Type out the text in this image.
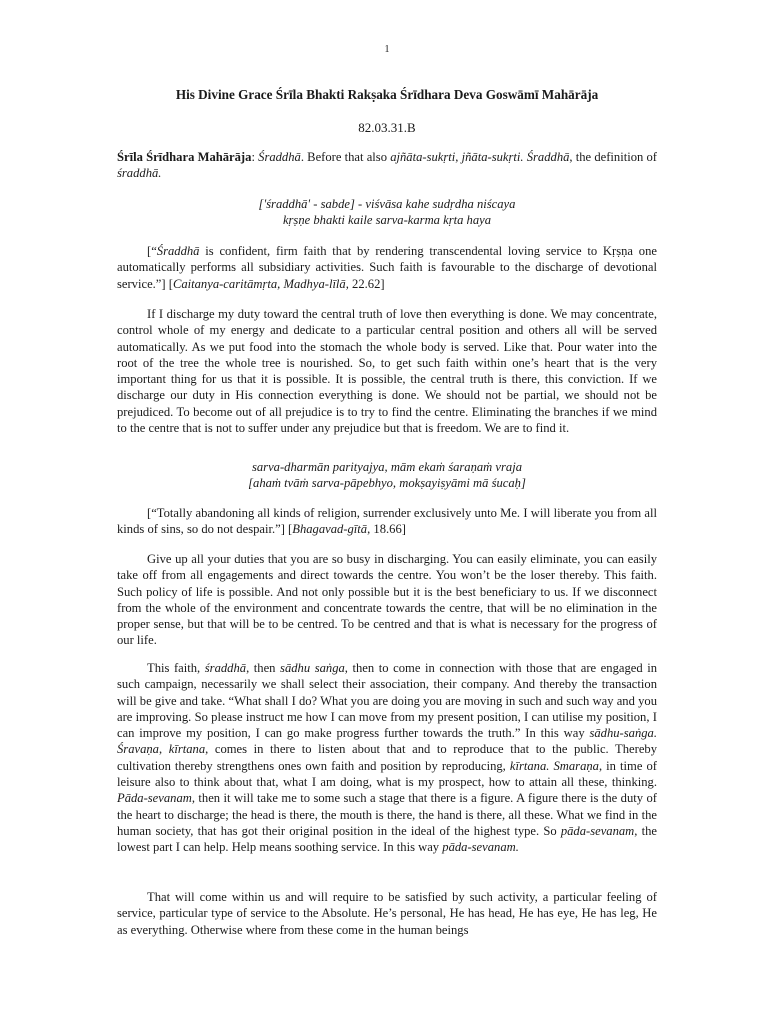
1
His Divine Grace Śrīla Bhakti Rakṣaka Śrīdhara Deva Goswāmī Mahārāja
82.03.31.B

Śrīla Śrīdhara Mahārāja: Śraddhā. Before that also ajñāta-sukṛti, jñāta-sukṛti. Śraddhā, the definition of śraddhā.

['śraddhā' - sabde] - viśvāsa kahe sudṛdha niścaya
kṛṣṇe bhakti kaile sarva-karma kṛta haya

[“Śraddhā is confident, firm faith that by rendering transcendental loving service to Kṛṣṇa one automatically performs all subsidiary activities. Such faith is favourable to the discharge of devotional service.”] [Caitanya-caritāmṛta, Madhya-līlā, 22.62]

If I discharge my duty toward the central truth of love then everything is done. We may concentrate, control whole of my energy and dedicate to a particular central position and others all will be served automatically. As we put food into the stomach the whole body is served. Like that. Pour water into the root of the tree the whole tree is nourished. So, to get such faith within one’s heart that is the very important thing for us that it is possible. It is possible, the central truth is there, this conviction. If we discharge our duty in His connection everything is done. We should not be partial, we should not be prejudiced. To become out of all prejudice is to try to find the centre. Eliminating the branches if we mind to the centre that is not to suffer under any prejudice but that is freedom. We are to find it.

sarva-dharmān parityajya, mām ekaṁ śaraṇaṁ vraja
[ahaṁ tvāṁ sarva-pāpebhyo, mokṣayiṣyāmi mā śucaḥ]

[“Totally abandoning all kinds of religion, surrender exclusively unto Me. I will liberate you from all kinds of sins, so do not despair.”] [Bhagavad-gītā, 18.66]

Give up all your duties that you are so busy in discharging. You can easily eliminate, you can easily take off from all engagements and direct towards the centre. You won’t be the loser thereby. This faith. Such policy of life is possible. And not only possible but it is the best beneficiary to us. If we disconnect from the whole of the environment and concentrate towards the centre, that will be no elimination in the proper sense, but that will be to be centred. To be centred and that is what is necessary for the progress of our life.

This faith, śraddhā, then sādhu saṅga, then to come in connection with those that are engaged in such campaign, necessarily we shall select their association, their company. And thereby the transaction will be give and take. “What shall I do? What you are doing you are moving in such and such way and you are improving. So please instruct me how I can move from my present position, I can utilise my position, I can improve my position, I can go make progress further towards the truth.” In this way sādhu-saṅga. Śravaṇa, kīrtana, comes in there to listen about that and to reproduce that to the public. Thereby cultivation thereby strengthens ones own faith and position by reproducing, kīrtana. Smaraṇa, in time of leisure also to think about that, what I am doing, what is my prospect, how to attain all these, thinking. Pāda-sevanam, then it will take me to some such a stage that there is a figure. A figure there is the duty of the heart to discharge; the head is there, the mouth is there, the hand is there, all these. What we find in the human society, that has got their original position in the ideal of the highest type. So pāda-sevanam, the lowest part I can help. Help means soothing service. In this way pāda-sevanam.

That will come within us and will require to be satisfied by such activity, a particular feeling of service, particular type of service to the Absolute. He’s personal, He has head, He has eye, He has leg, He as everything. Otherwise where from these come in the human beings
